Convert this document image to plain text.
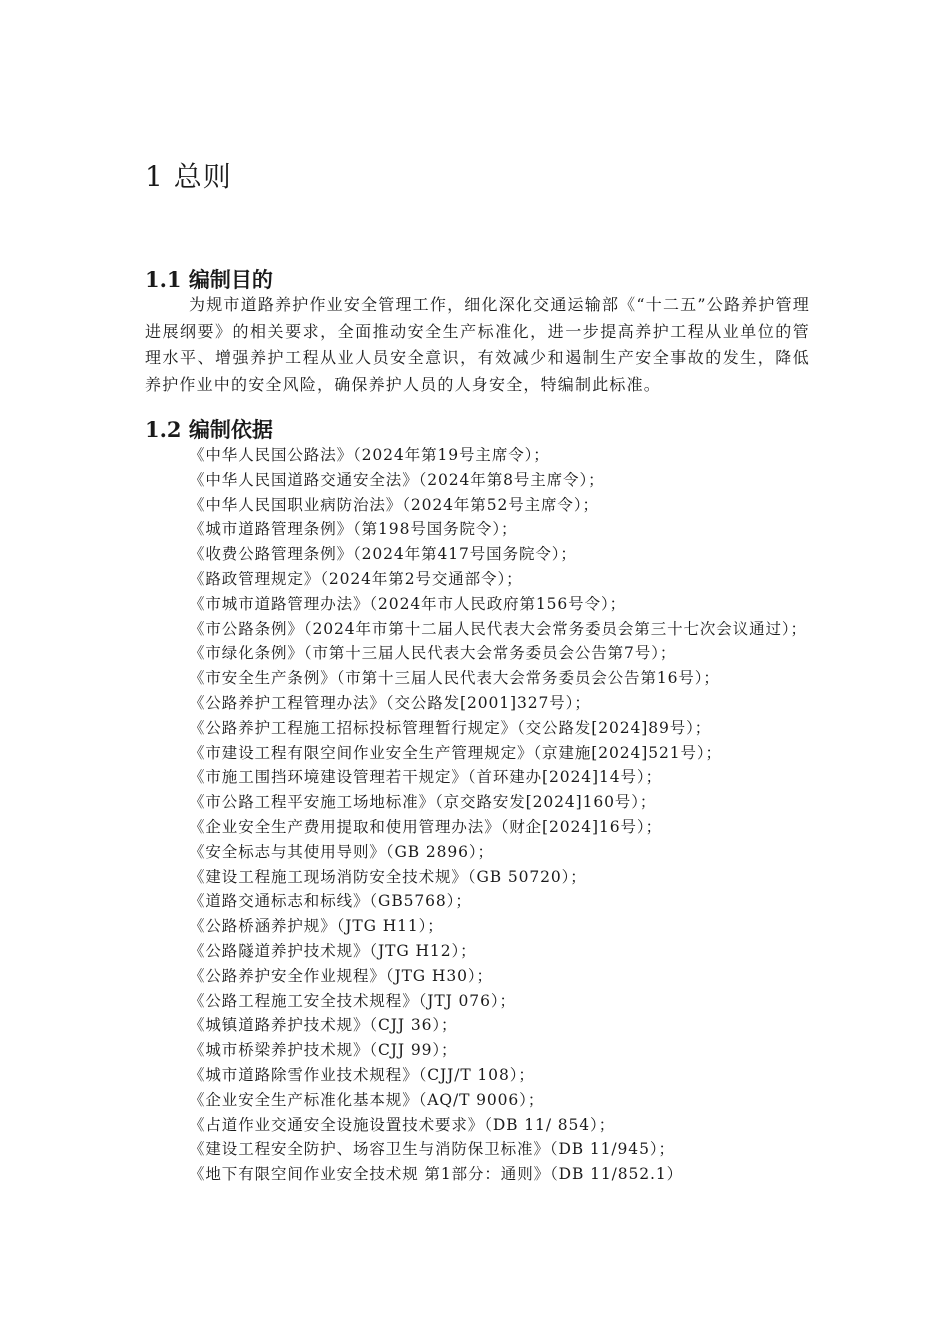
1 总则
1.1 编制目的

为规市道路养护作业安全管理工作，细化深化交通运输部《“十二五”公路养护管理进展纲要》的相关要求，全面推动安全生产标准化，进一步提高养护工程从业单位的管理水平、增强养护工程从业人员安全意识，有效减少和遏制生产安全事故的发生，降低养护作业中的安全风险，确保养护人员的人身安全，特编制此标准。

1.2 编制依据
《中华人民国公路法》（2024年第19号主席令）；
《中华人民国道路交通安全法》（2024年第8号主席令）；
《中华人民国职业病防治法》（2024年第52号主席令）；
《城市道路管理条例》（第198号国务院令）；
《收费公路管理条例》（2024年第417号国务院令）；
《路政管理规定》（2024年第2号交通部令）；
《市城市道路管理办法》（2024年市人民政府第156号令）；
《市公路条例》（2024年市第十二届人民代表大会常务委员会第三十七次会议通过）；
《市绿化条例》（市第十三届人民代表大会常务委员会公告第7号）；
《市安全生产条例》（市第十三届人民代表大会常务委员会公告第16号）；
《公路养护工程管理办法》（交公路发[2001]327号）；
《公路养护工程施工招标投标管理暂行规定》（交公路发[2024]89号）；
《市建设工程有限空间作业安全生产管理规定》（京建施[2024]521号）；
《市施工围挡环境建设管理若干规定》（首环建办[2024]14号）；
《市公路工程平安施工场地标准》（京交路安发[2024]160号）；
《企业安全生产费用提取和使用管理办法》（财企[2024]16号）；
《安全标志与其使用导则》（GB 2896）；
《建设工程施工现场消防安全技术规》（GB 50720）；
《道路交通标志和标线》（GB5768）；
《公路桥涵养护规》（JTG H11）；
《公路隧道养护技术规》（JTG H12）；
《公路养护安全作业规程》（JTG H30）；
《公路工程施工安全技术规程》（JTJ 076）；
《城镇道路养护技术规》（CJJ 36）；
《城市桥梁养护技术规》（CJJ 99）；
《城市道路除雪作业技术规程》（CJJ/T 108）；
《企业安全生产标准化基本规》（AQ/T 9006）；
《占道作业交通安全设施设置技术要求》（DB 11/ 854）；
《建设工程安全防护、场容卫生与消防保卫标准》（DB 11/945）；
《地下有限空间作业安全技术规 第1部分：通则》（DB 11/852.1）
